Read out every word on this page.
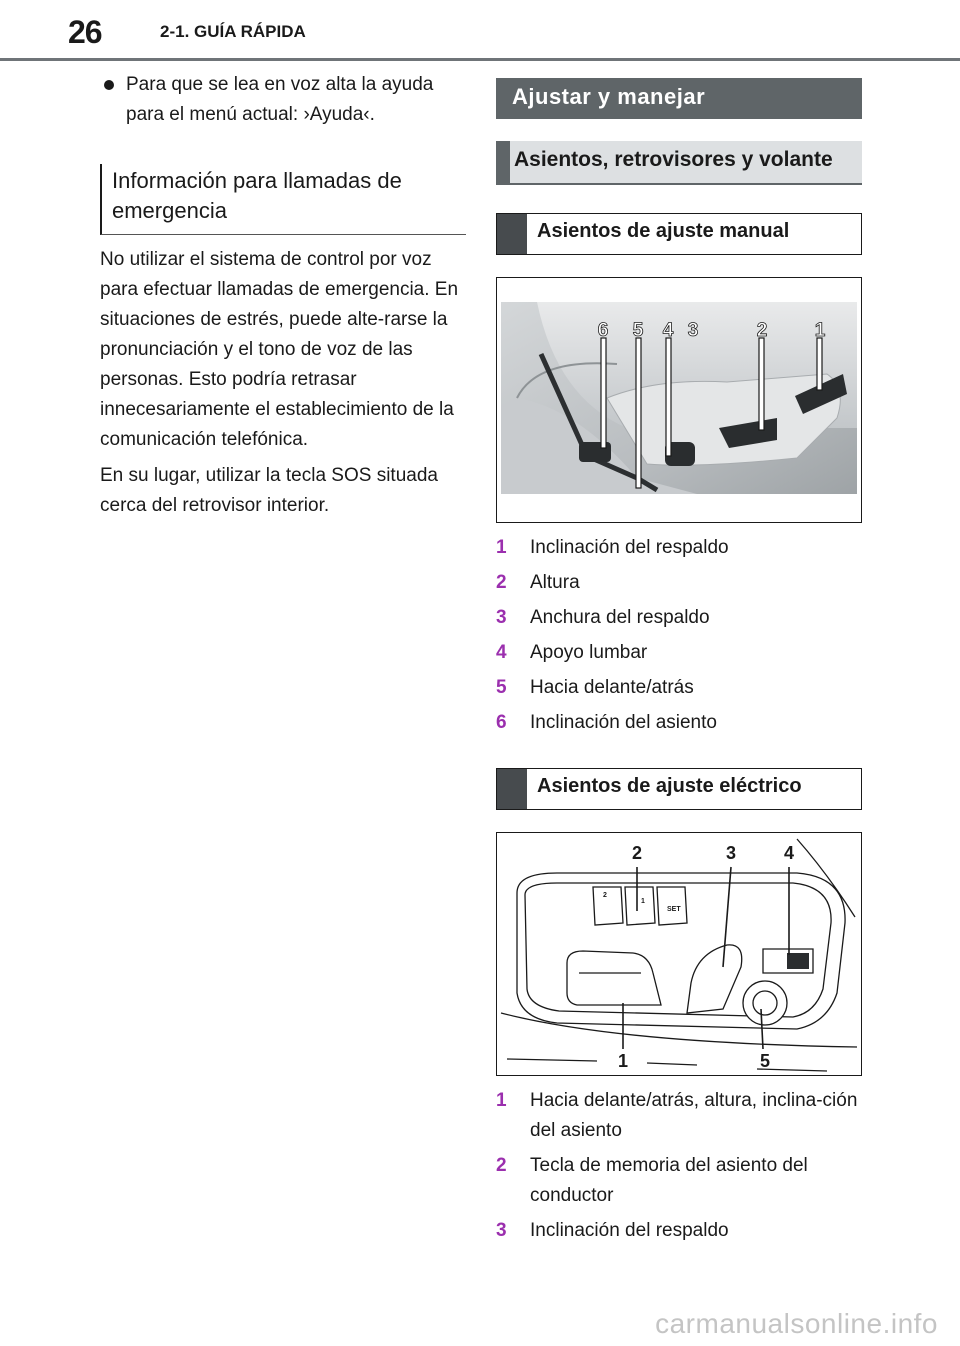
26	2-1. GUÍA RÁPIDA
Para que se lea en voz alta la ayuda para el menú actual: ›Ayuda‹.
Información para llamadas de emergencia
No utilizar el sistema de control por voz para efectuar llamadas de emergencia. En situaciones de estrés, puede alte-rarse la pronunciación y el tono de voz de las personas. Esto podría retrasar innecesariamente el establecimiento de la comunicación telefónica.
En su lugar, utilizar la tecla SOS situada cerca del retrovisor interior.
Ajustar y manejar
Asientos, retrovisores y volante
Asientos de ajuste manual
6 5 4 3	2 1
1	Inclinación del respaldo
2	Altura
3	Anchura del respaldo
4	Apoyo lumbar
5	Hacia delante/atrás
6	Inclinación del asiento
Asientos de ajuste eléctrico
2
1
SET
2	3	4
1	5
1	Hacia delante/atrás, altura, inclina-ción del asiento
2	Tecla de memoria del asiento del conductor
3	Inclinación del respaldo
carmanualsonline.info
